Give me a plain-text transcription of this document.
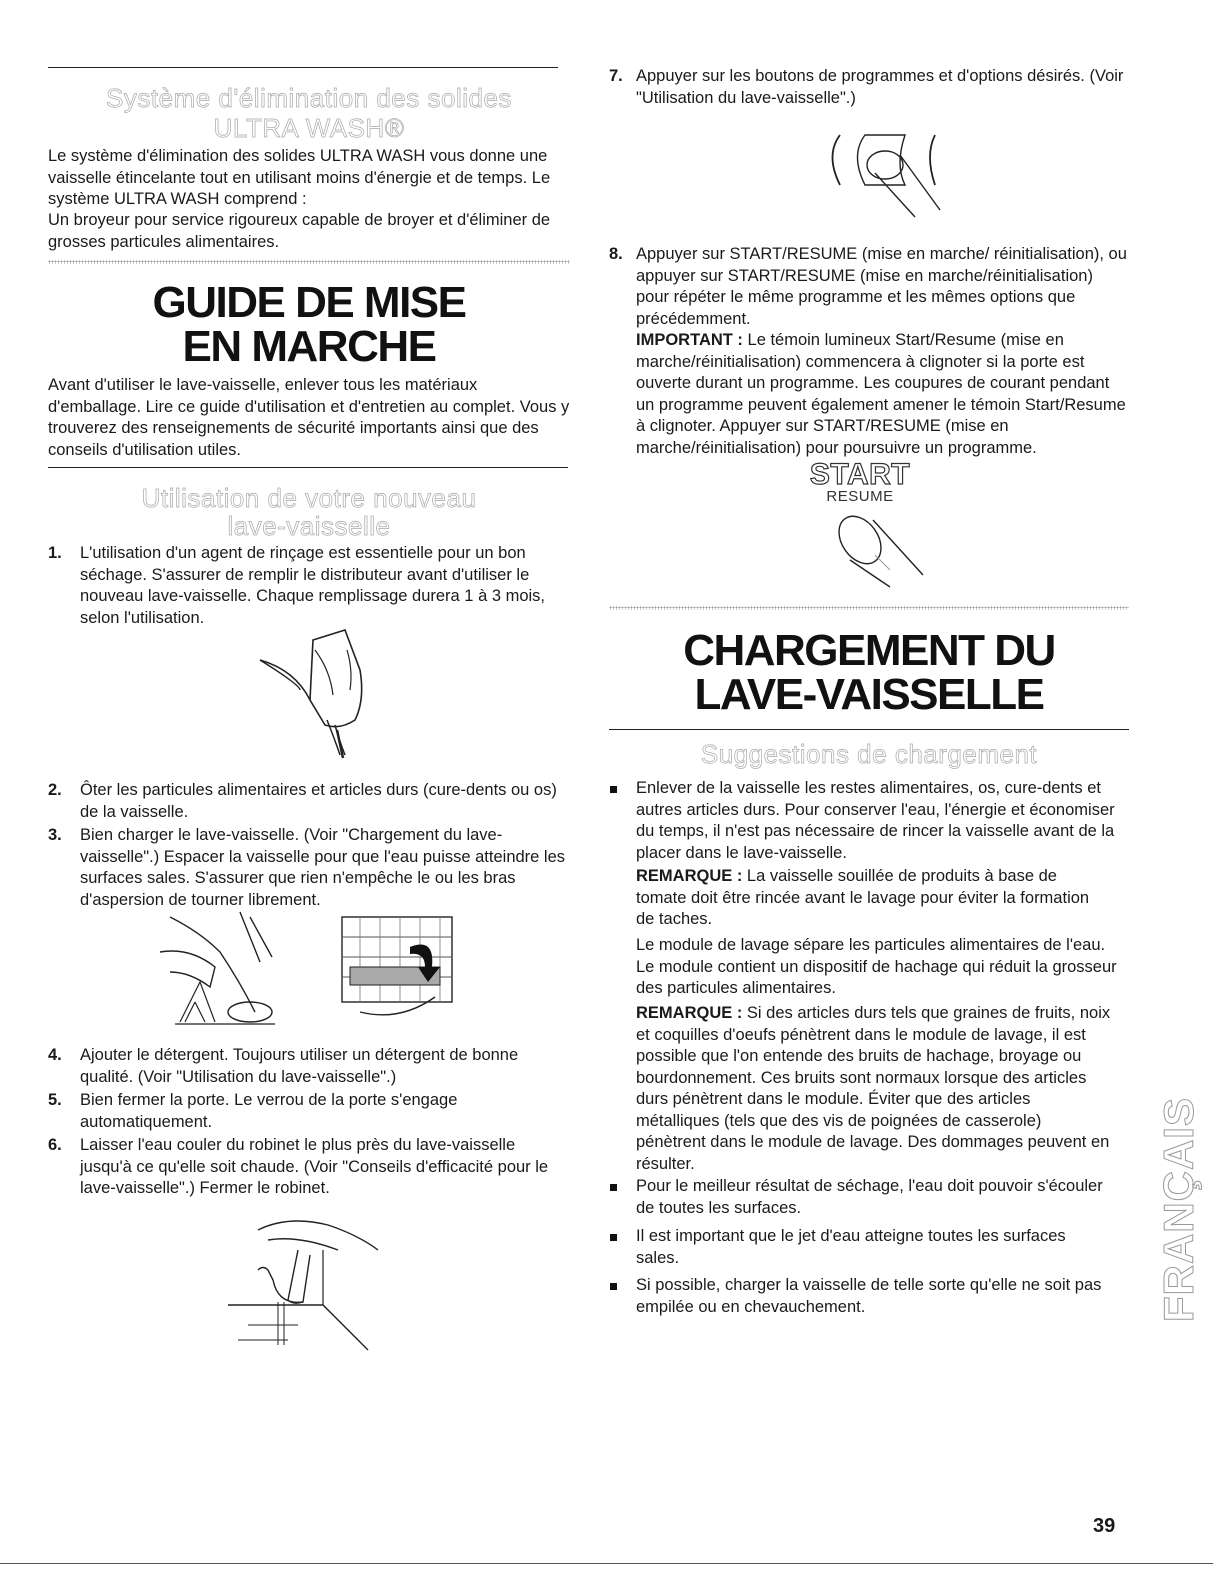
Système d'élimination des solides
ULTRA WASH®

Le système d'élimination des solides ULTRA WASH vous donne une vaisselle étincelante tout en utilisant moins d'énergie et de temps. Le système ULTRA WASH comprend :

Un broyeur pour service rigoureux capable de broyer et d'éliminer de grosses particules alimentaires.

GUIDE DE MISE
EN MARCHE

Avant d'utiliser le lave-vaisselle, enlever tous les matériaux d'emballage. Lire ce guide d'utilisation et d'entretien au complet. Vous y trouverez des renseignements de sécurité importants ainsi que des conseils d'utilisation utiles.

Utilisation de votre nouveau
lave-vaisselle
1. L'utilisation d'un agent de rinçage est essentielle pour un bon séchage. S'assurer de remplir le distributeur avant d'utiliser le nouveau lave-vaisselle. Chaque remplissage durera 1 à 3 mois, selon l'utilisation.

2. Ôter les particules alimentaires et articles durs (cure-dents ou os) de la vaisselle.

3. Bien charger le lave-vaisselle. (Voir "Chargement du lave-vaisselle".) Espacer la vaisselle pour que l'eau puisse atteindre les surfaces sales. S'assurer que rien n'empêche le ou les bras d'aspersion de tourner librement.

4. Ajouter le détergent. Toujours utiliser un détergent de bonne qualité. (Voir "Utilisation du lave-vaisselle".)

5. Bien fermer la porte. Le verrou de la porte s'engage automatiquement.

6. Laisser l'eau couler du robinet le plus près du lave-vaisselle jusqu'à ce qu'elle soit chaude. (Voir "Conseils d'efficacité pour le lave-vaisselle".) Fermer le robinet.

7. Appuyer sur les boutons de programmes et d'options désirés. (Voir "Utilisation du lave-vaisselle".)

8. Appuyer sur START/RESUME (mise en marche/ réinitialisation), ou appuyer sur START/RESUME (mise en marche/réinitialisation) pour répéter le même programme et les mêmes options que précédemment.

IMPORTANT : Le témoin lumineux Start/Resume (mise en marche/réinitialisation) commencera à clignoter si la porte est ouverte durant un programme. Les coupures de courant pendant un programme peuvent également amener le témoin Start/Resume à clignoter. Appuyer sur START/RESUME (mise en marche/réinitialisation) pour poursuivre un programme.

START
RESUME
CHARGEMENT DU
LAVE-VAISSELLE
Suggestions de chargement

Enlever de la vaisselle les restes alimentaires, os, cure-dents et autres articles durs. Pour conserver l'eau, l'énergie et économiser du temps, il n'est pas nécessaire de rincer la vaisselle avant de la placer dans le lave-vaisselle.

REMARQUE : La vaisselle souillée de produits à base de tomate doit être rincée avant le lavage pour éviter la formation de taches.

Le module de lavage sépare les particules alimentaires de l'eau. Le module contient un dispositif de hachage qui réduit la grosseur des particules alimentaires.

REMARQUE : Si des articles durs tels que graines de fruits, noix et coquilles d'oeufs pénètrent dans le module de lavage, il est possible que l'on entende des bruits de hachage, broyage ou bourdonnement. Ces bruits sont normaux lorsque des articles durs pénètrent dans le module. Éviter que des articles métalliques (tels que des vis de poignées de casserole) pénètrent dans le module de lavage. Des dommages peuvent en résulter.

Pour le meilleur résultat de séchage, l'eau doit pouvoir s'écouler de toutes les surfaces.

Il est important que le jet d'eau atteigne toutes les surfaces sales.

Si possible, charger la vaisselle de telle sorte qu'elle ne soit pas empilée ou en chevauchement.	FRANÇAIS
39
